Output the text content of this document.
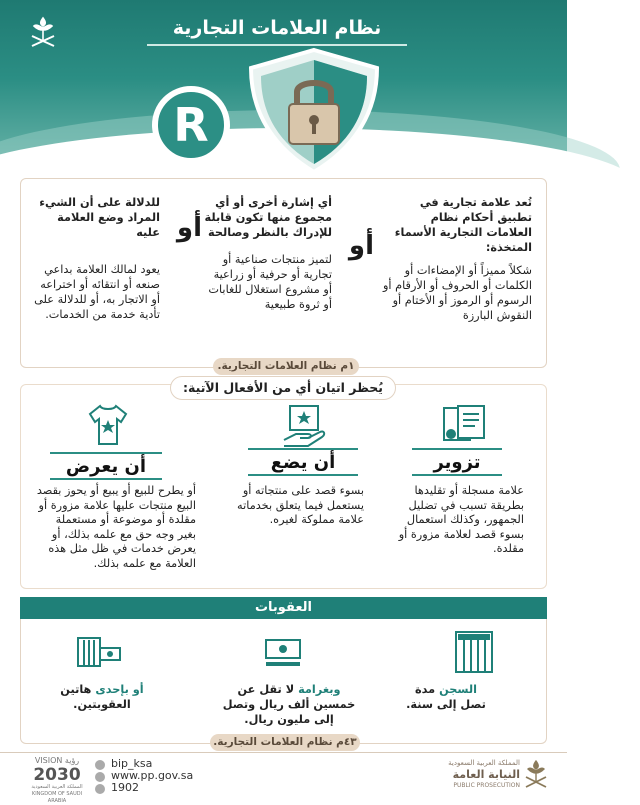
نظام العلامات التجارية
R
تُعد علامة تجارية في تطبيق أحكام نظام العلامات التجارية الأسماء المتخذة:
شكلاً مميزاً أو الإمضاءات أو الكلمات أو الحروف أو الأرقام أو الرسوم أو الرموز أو الأختام أو النقوش البارزة
أو
أي إشارة أخرى أو أي مجموع منها تكون قابلة للإدراك بالنظر وصالحة
لتميز منتجات صناعية أو تجارية أو حرفية أو زراعية أو مشروع استغلال للغابات أو ثروة طبيعية
أو
للدلالة على أن الشيء المراد وضع العلامة عليه
يعود لمالك العلامة بداعي صنعه أو انتقائه أو اختراعه أو الاتجار به، أو للدلالة على تأدية خدمة من الخدمات.
١م نظام العلامات التجارية.
يُحظر اتيان أي من الأفعال الآتية:
تزوير
أن يضع
أن يعرض
علامة مسجلة أو تقليدها بطريقة تسبب في تضليل الجمهور، وكذلك استعمال بسوء قصد لعلامة مزورة أو مقلدة.
بسوء قصد على منتجاته أو يستعمل فيما يتعلق بخدماته علامة مملوكة لغيره.
أو يطرح للبيع أو يبيع أو يحوز بقصد البيع منتجات عليها علامة مزورة أو مقلدة أو موضوعة أو مستعملة بغير وجه حق مع علمه بذلك، أو يعرض خدمات في ظل مثل هذه العلامة مع علمه بذلك.
العقوبات
السجن مدة تصل إلى سنة.
وبغرامة لا تقل عن خمسين ألف ريال وتصل إلى مليون ريال.
أو بإحدى هاتين العقوبتين.
٤٣م نظام العلامات التجارية.
VISION رؤية
2030
المملكة العربية السعودية KINGDOM OF SAUDI ARABIA
bip_ksa
www.pp.gov.sa
1902
المملكة العربية السعودية
النيابة العامة
PUBLIC PROSECUTION
